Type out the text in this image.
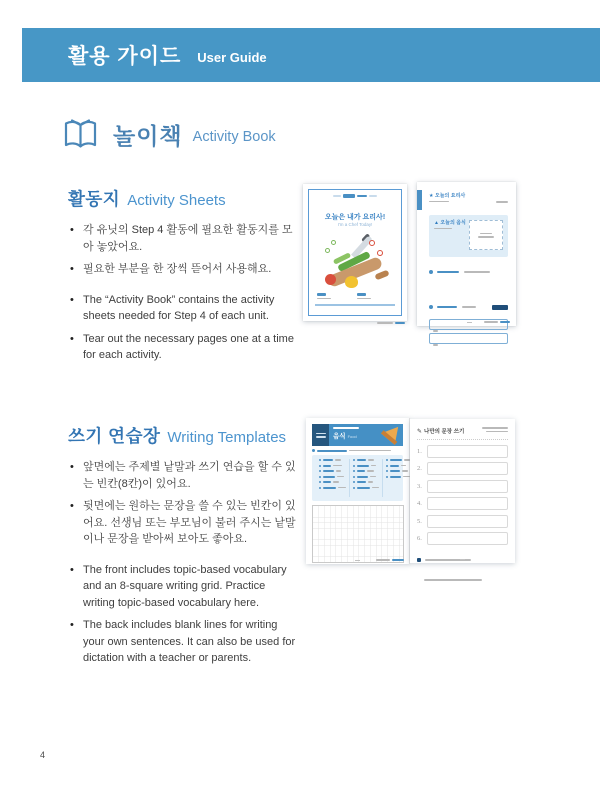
활용 가이드 User Guide
놀이책 Activity Book
활동지 Activity Sheets
• 각 유닛의 Step 4 활동에 필요한 활동지를 모아 놓았어요.
• 필요한 부분을 한 장씩 뜯어서 사용해요.
• The “Activity Book” contains the activity sheets needed for Step 4 of each unit.
• Tear out the necessary pages one at a time for each activity.
오늘은 내가 요리사!
I'm a Chef Today!
★ 오늘의 요리사
▲ 오늘의 음식

쓰기 연습장 Writing Templates
• 앞면에는 주제별 낱말과 쓰기 연습을 할 수 있는 빈칸(8칸)이 있어요.
• 뒷면에는 원하는 문장을 쓸 수 있는 빈칸이 있어요. 선생님 또는 부모님이 불러 주시는 낱말이나 문장을 받아써 보아도 좋아요.
• The front includes topic-based vocabulary and an 8-square writing grid. Practice writing topic-based vocabulary here.
• The back includes blank lines for writing your own sentences. It can also be used for dictation with a teacher or parents.
음식 Food
✎ 나만의 문장 쓰기
1.
2.
3.
4.
5.
6.

4
